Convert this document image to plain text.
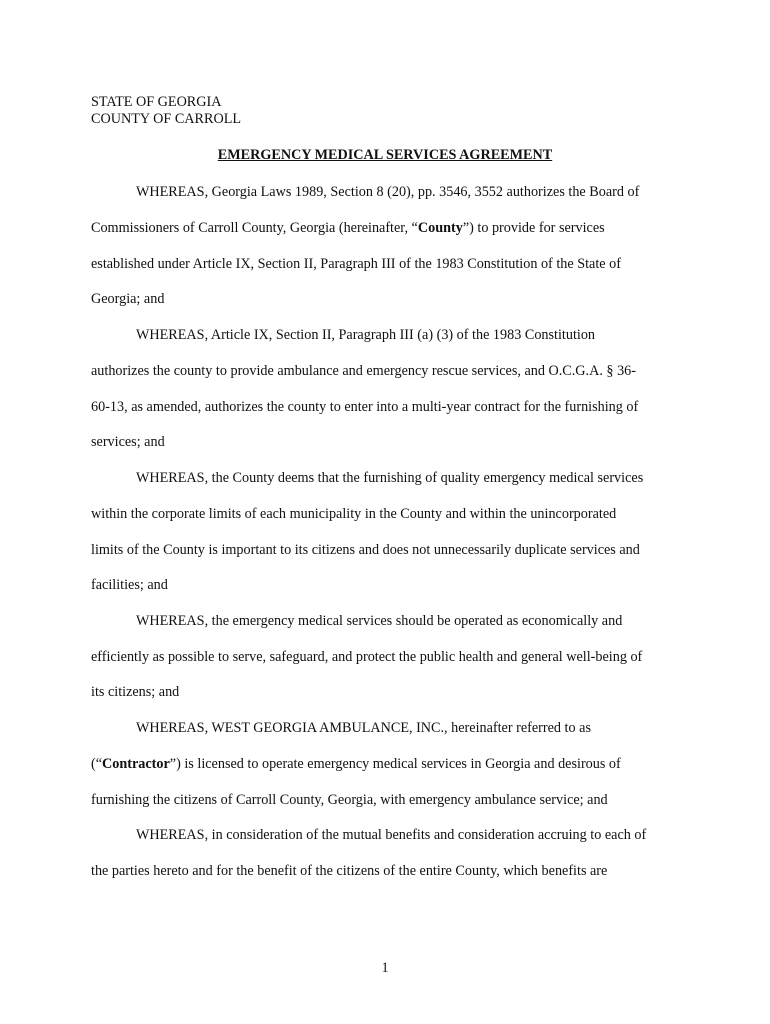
STATE OF GEORGIA
COUNTY OF CARROLL
EMERGENCY MEDICAL SERVICES AGREEMENT
WHEREAS, Georgia Laws 1989, Section 8 (20), pp. 3546, 3552 authorizes the Board of
Commissioners of Carroll County, Georgia (hereinafter, “County”) to provide for services
established under Article IX, Section II, Paragraph III of the 1983 Constitution of the State of
Georgia; and
WHEREAS, Article IX, Section II, Paragraph III (a) (3) of the 1983 Constitution
authorizes the county to provide ambulance and emergency rescue services, and O.C.G.A. § 36-
60-13, as amended, authorizes the county to enter into a multi-year contract for the furnishing of
services; and
WHEREAS, the County deems that the furnishing of quality emergency medical services
within the corporate limits of each municipality in the County and within the unincorporated
limits of the County is important to its citizens and does not unnecessarily duplicate services and
facilities; and
WHEREAS, the emergency medical services should be operated as economically and
efficiently as possible to serve, safeguard, and protect the public health and general well-being of
its citizens; and
WHEREAS, WEST GEORGIA AMBULANCE, INC., hereinafter referred to as
(“Contractor”) is licensed to operate emergency medical services in Georgia and desirous of
furnishing the citizens of Carroll County, Georgia, with emergency ambulance service; and
WHEREAS, in consideration of the mutual benefits and consideration accruing to each of
the parties hereto and for the benefit of the citizens of the entire County, which benefits are
1
